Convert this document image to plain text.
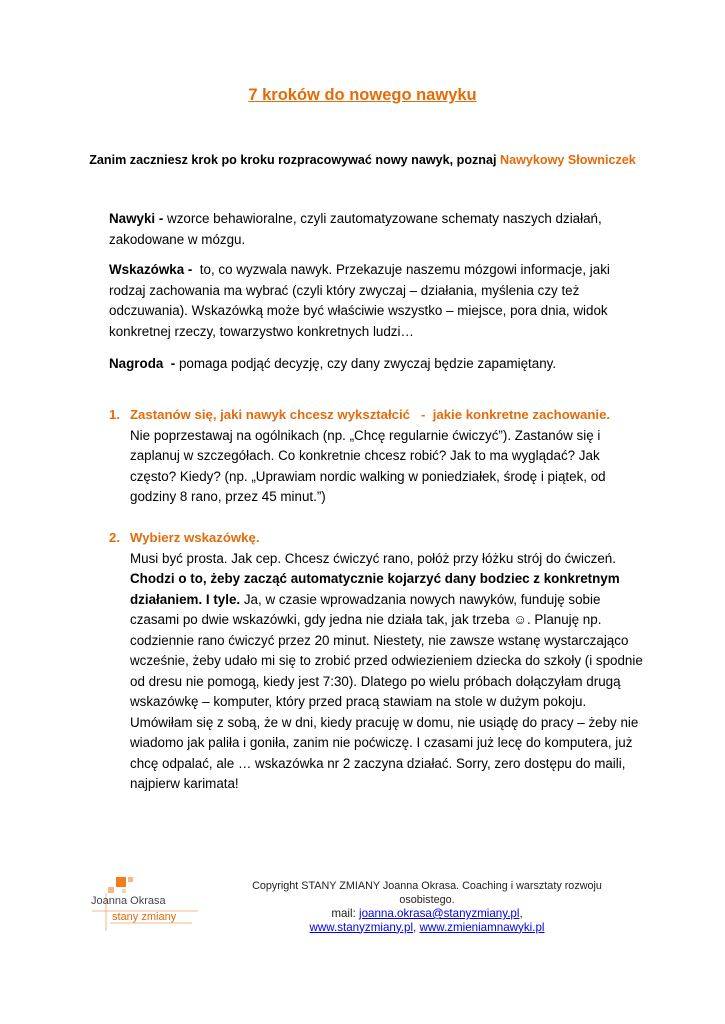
7 kroków do nowego nawyku
Zanim zaczniesz krok po kroku rozpracowywać nowy nawyk, poznaj Nawykowy Słowniczek
Nawyki - wzorce behawioralne, czyli zautomatyzowane schematy naszych działań, zakodowane w mózgu.
Wskazówka -  to, co wyzwala nawyk. Przekazuje naszemu mózgowi informacje, jaki rodzaj zachowania ma wybrać (czyli który zwyczaj – działania, myślenia czy też odczuwania). Wskazówką może być właściwie wszystko – miejsce, pora dnia, widok konkretnej rzeczy, towarzystwo konkretnych ludzi…
Nagroda  - pomaga podjąć decyzję, czy dany zwyczaj będzie zapamiętany.
1. Zastanów się, jaki nawyk chcesz wykształcić   -  jakie konkretne zachowanie.
Nie poprzestawaj na ogólnikach (np. „Chcę regularnie ćwiczyć”). Zastanów się i zaplanuj w szczegółach. Co konkretnie chcesz robić? Jak to ma wyglądać? Jak często? Kiedy? (np. „Uprawiam nordic walking w poniedziałek, środę i piątek, od godziny 8 rano, przez 45 minut.”)
2. Wybierz wskazówkę.
Musi być prosta. Jak cep. Chcesz ćwiczyć rano, połóż przy łóżku strój do ćwiczeń. Chodzi o to, żeby zacząć automatycznie kojarzyć dany bodziec z konkretnym działaniem. I tyle. Ja, w czasie wprowadzania nowych nawyków, funduję sobie czasami po dwie wskazówki, gdy jedna nie działa tak, jak trzeba ☺. Planuję np. codziennie rano ćwiczyć przez 20 minut. Niestety, nie zawsze wstanę wystarczająco wcześnie, żeby udało mi się to zrobić przed odwiezieniem dziecka do szkoły (i spodnie od dresu nie pomogą, kiedy jest 7:30). Dlatego po wielu próbach dołączyłam drugą wskazówkę – komputer, który przed pracą stawiam na stole w dużym pokoju. Umówiłam się z sobą, że w dni, kiedy pracuję w domu, nie usiądę do pracy – żeby nie wiadomo jak paliła i goniła, zanim nie poćwiczę. I czasami już lecę do komputera, już chcę odpalać, ale … wskazówka nr 2 zaczyna działać. Sorry, zero dostępu do maili, najpierw karimata!
Joanna Okrasa
stany zmiany
Copyright STANY ZMIANY Joanna Okrasa. Coaching i warsztaty rozwoju osobistego.
mail: joanna.okrasa@stanyzmiany.pl,
www.stanyzmiany.pl, www.zmieniamnawyki.pl
